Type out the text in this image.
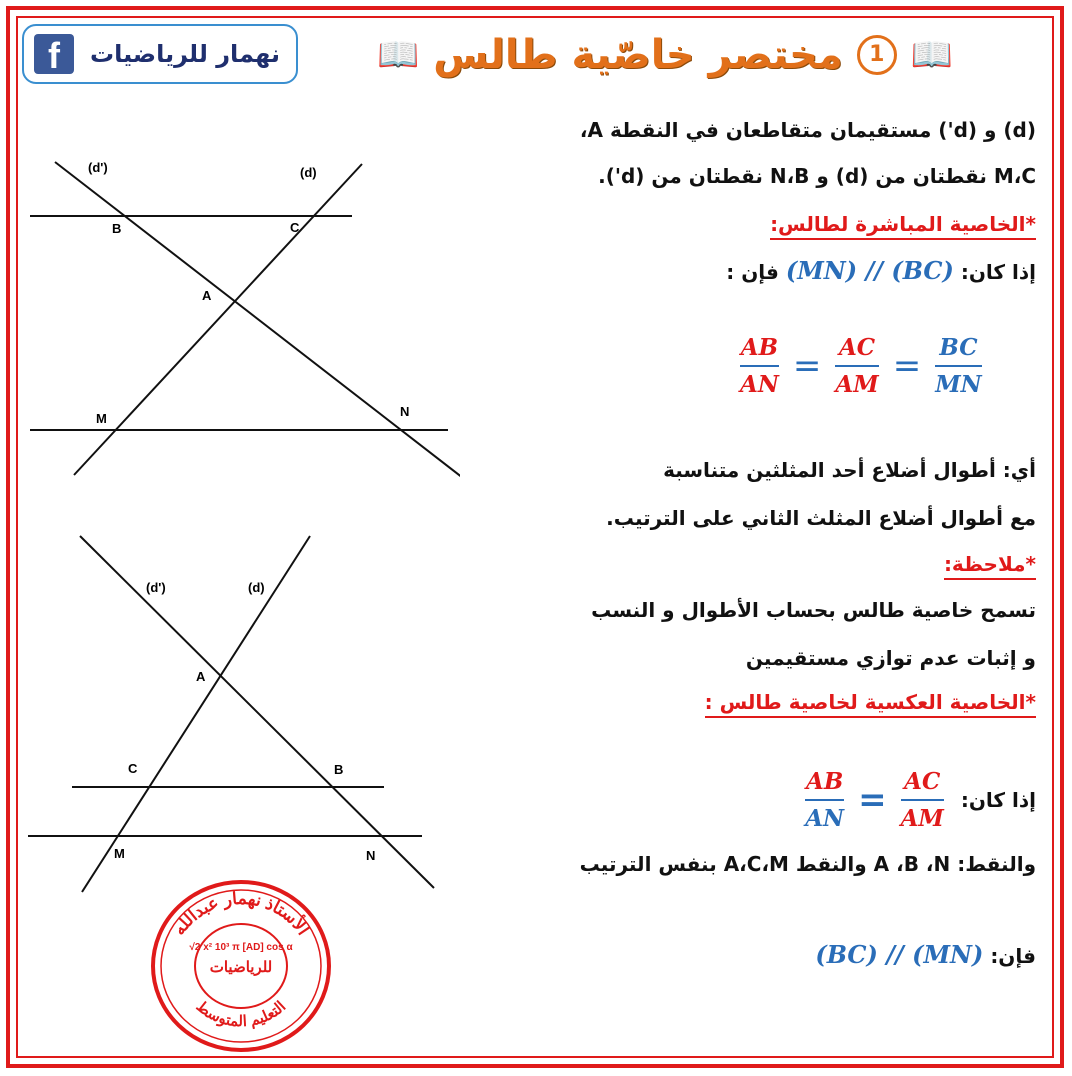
f	نهمار للرياضيات	📖
1
مختصر خاصّية طالس
📖
(d) و (d') مستقيمان متقاطعان في النقطة A،
M،C نقطتان من (d) و N،B نقطتان من (d').
*الخاصية المباشرة لطالس:
إذا كان: (MN) // (BC) فإن :
$\frac{AB}{AN} = \frac{AC}{AM} = \frac{BC}{MN}$
أي: أطوال أضلاع أحد المثلثين متناسبة
مع أطوال أضلاع المثلث الثاني على الترتيب.
*ملاحظة:
تسمح خاصية طالس بحساب الأطوال و النسب
و إثبات عدم توازي مستقيمين
*الخاصية العكسية لخاصية طالس :
إذا كان:
$\frac{AB}{AN} = \frac{AC}{AM}$
والنقط: A ،B ،N والنقط A،C،M بنفس الترتيب
فإن: (BC) // (MN)
(d')	(d)
B	C
A
M	N
(d')	(d)
A
C	B
M	N
الأستاذ نهمار عبدالله
التعليم المتوسط
للرياضيات
√2 x² 10³ π [AD] cos α
